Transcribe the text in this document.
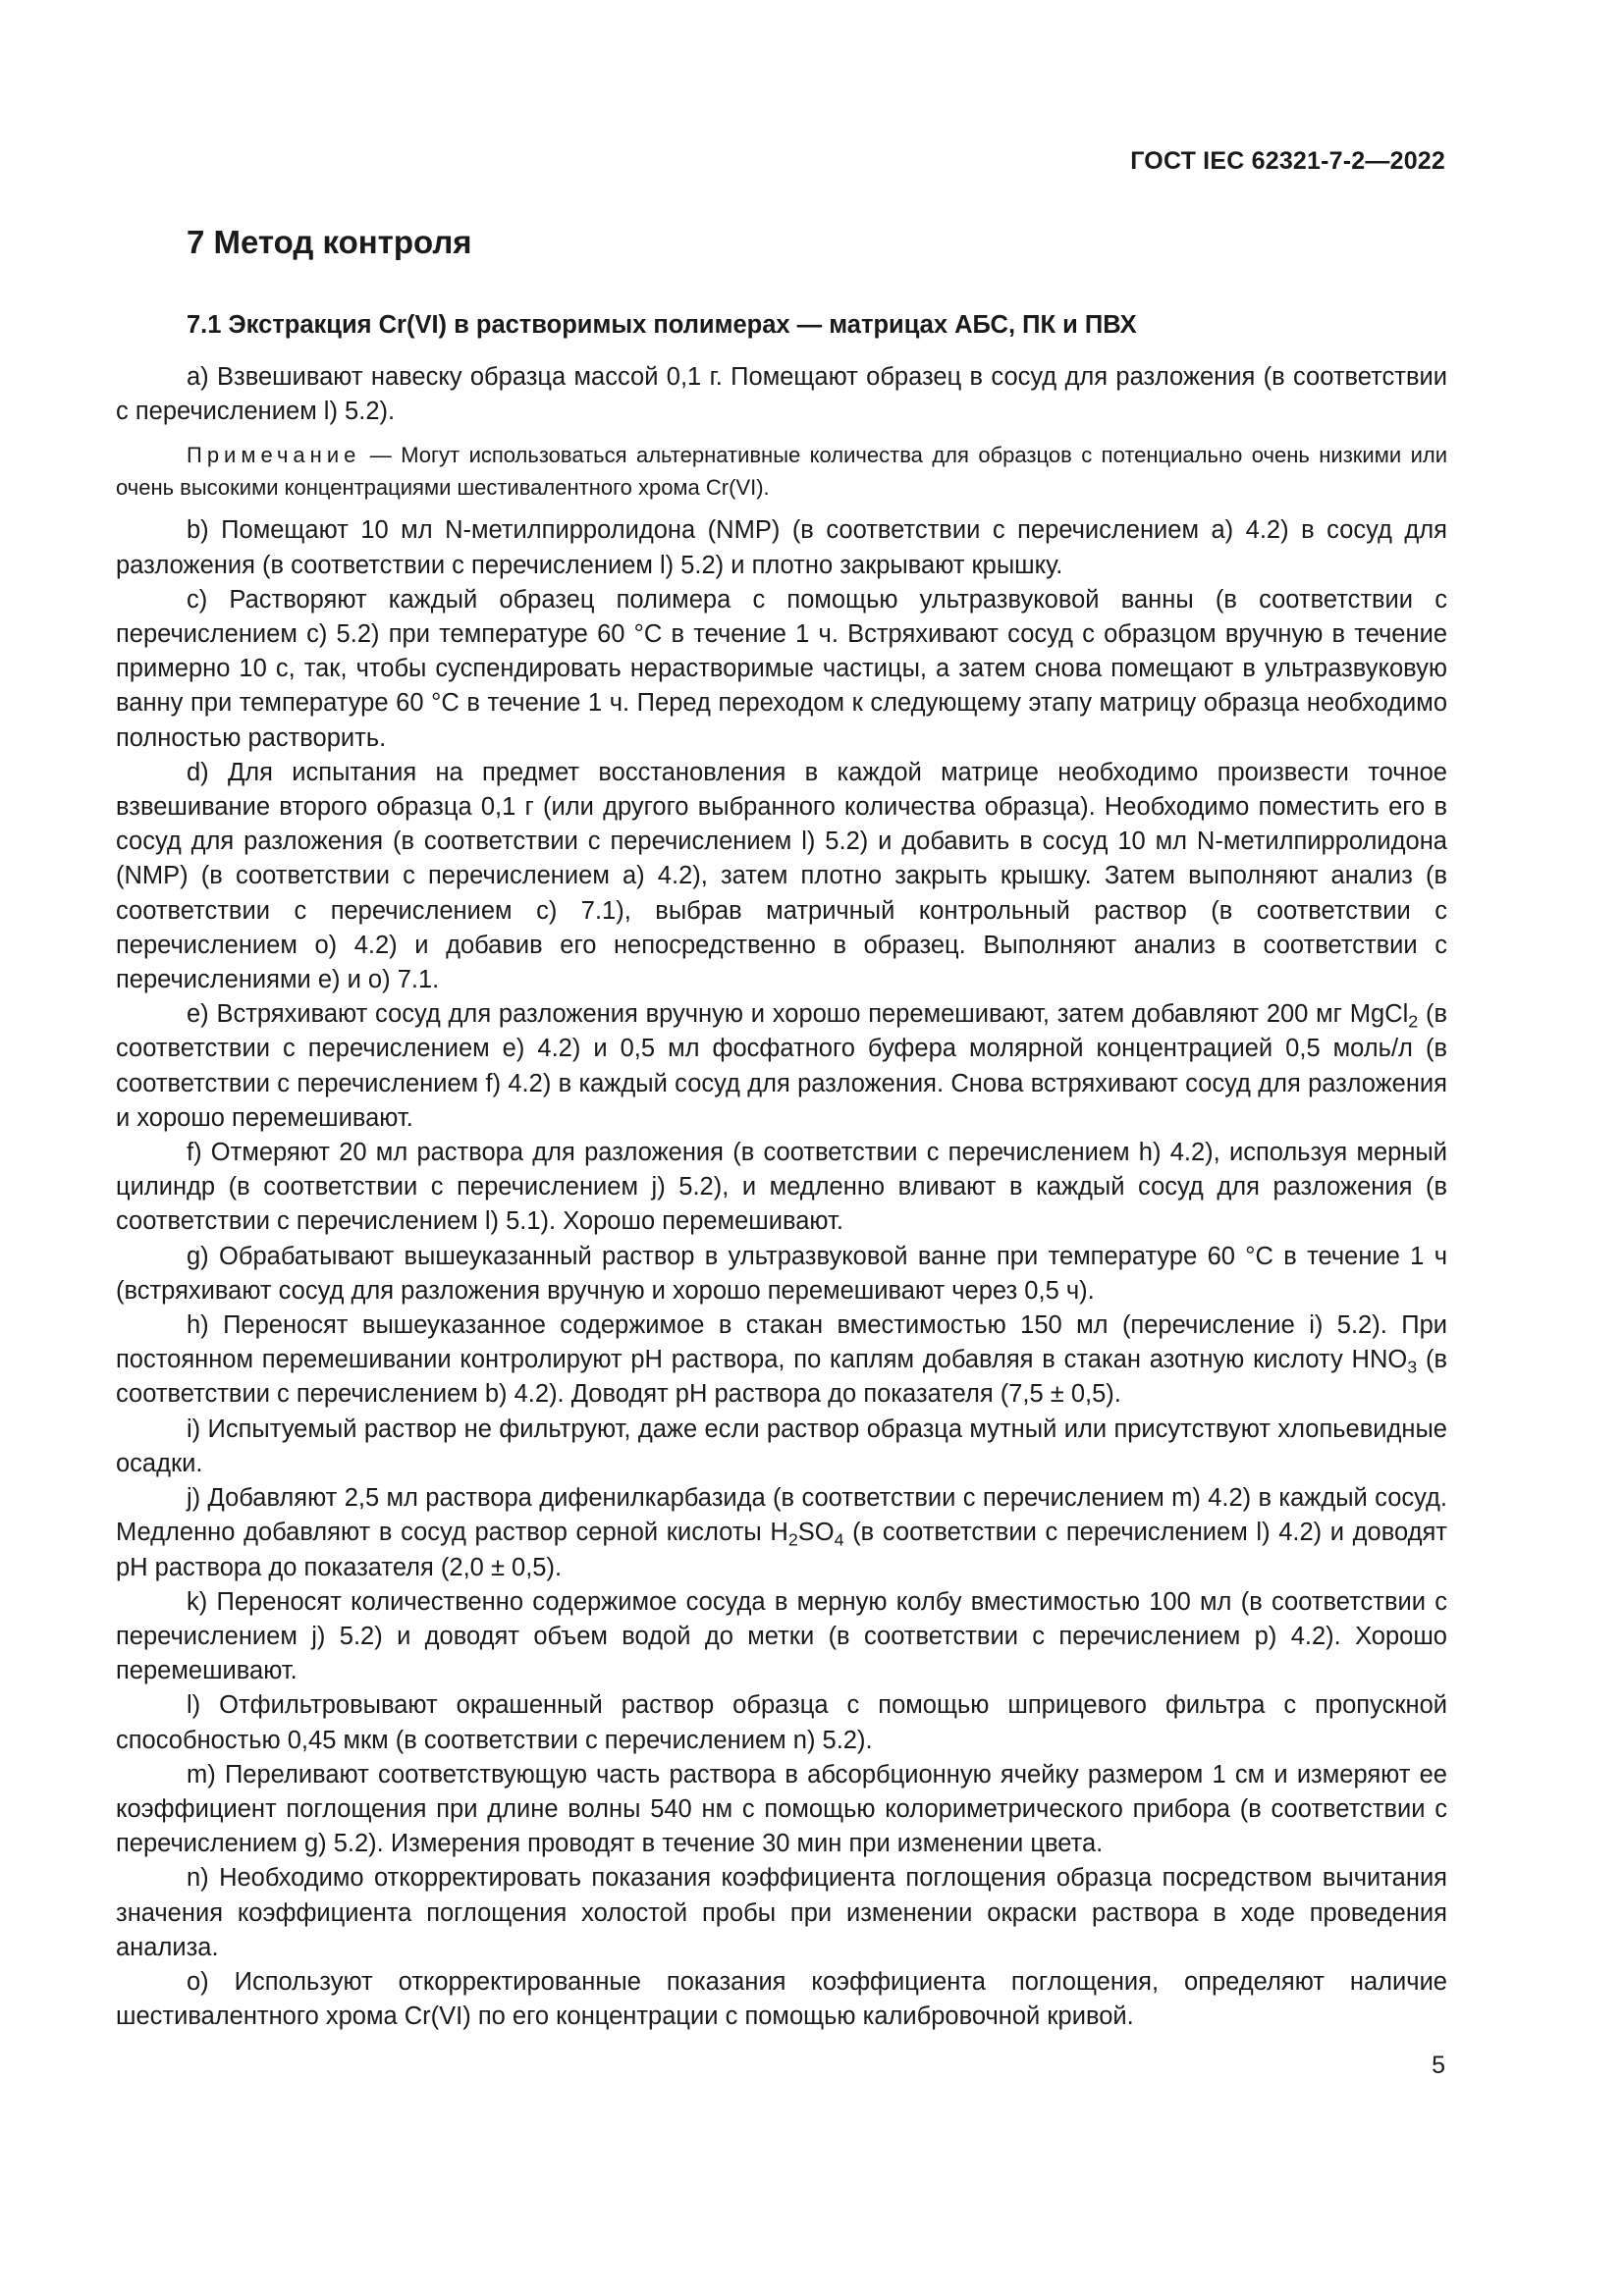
ГОСТ IEC 62321-7-2—2022
7 Метод контроля
7.1 Экстракция Cr(VI) в растворимых полимерах — матрицах АБС, ПК и ПВХ

а) Взвешивают навеску образца массой 0,1 г. Помещают образец в сосуд для разложения (в соответствии с перечислением l) 5.2).

Примечание — Могут использоваться альтернативные количества для образцов с потенциально очень низкими или очень высокими концентрациями шестивалентного хрома Cr(VI).

b) Помещают 10 мл N-метилпирролидона (NMP) (в соответствии с перечислением а) 4.2) в сосуд для разложения (в соответствии с перечислением l) 5.2) и плотно закрывают крышку.

c) Растворяют каждый образец полимера с помощью ультразвуковой ванны (в соответствии с перечислением с) 5.2) при температуре 60 °С в течение 1 ч. Встряхивают сосуд с образцом вручную в течение примерно 10 с, так, чтобы суспендировать нерастворимые частицы, а затем снова помещают в ультразвуковую ванну при температуре 60 °С в течение 1 ч. Перед переходом к следующему этапу матрицу образца необходимо полностью растворить.

d) Для испытания на предмет восстановления в каждой матрице необходимо произвести точное взвешивание второго образца 0,1 г (или другого выбранного количества образца). Необходимо поместить его в сосуд для разложения (в соответствии с перечислением l) 5.2) и добавить в сосуд 10 мл N-метилпирролидона (NMP) (в соответствии с перечислением а) 4.2), затем плотно закрыть крышку. Затем выполняют анализ (в соответствии с перечислением с) 7.1), выбрав матричный контрольный раствор (в соответствии с перечислением о) 4.2) и добавив его непосредственно в образец. Выполняют анализ в соответствии с перечислениями е) и о) 7.1.

е) Встряхивают сосуд для разложения вручную и хорошо перемешивают, затем добавляют 200 мг MgCl$_2$ (в соответствии с перечислением е) 4.2) и 0,5 мл фосфатного буфера молярной концентрацией 0,5 моль/л (в соответствии с перечислением f) 4.2) в каждый сосуд для разложения. Снова встряхивают сосуд для разложения и хорошо перемешивают.

f) Отмеряют 20 мл раствора для разложения (в соответствии с перечислением h) 4.2), используя мерный цилиндр (в соответствии с перечислением j) 5.2), и медленно вливают в каждый сосуд для разложения (в соответствии с перечислением l) 5.1). Хорошо перемешивают.

g) Обрабатывают вышеуказанный раствор в ультразвуковой ванне при температуре 60 °С в течение 1 ч (встряхивают сосуд для разложения вручную и хорошо перемешивают через 0,5 ч).

h) Переносят вышеуказанное содержимое в стакан вместимостью 150 мл (перечисление i) 5.2). При постоянном перемешивании контролируют pH раствора, по каплям добавляя в стакан азотную кислоту $HNO_3$ (в соответствии с перечислением b) 4.2). Доводят pH раствора до показателя (7,5 ± 0,5).

i) Испытуемый раствор не фильтруют, даже если раствор образца мутный или присутствуют хлопьевидные осадки.

j) Добавляют 2,5 мл раствора дифенилкарбазида (в соответствии с перечислением m) 4.2) в каждый сосуд. Медленно добавляют в сосуд раствор серной кислоты $H_2SO_4$ (в соответствии с перечислением l) 4.2) и доводят pH раствора до показателя (2,0 ± 0,5).

k) Переносят количественно содержимое сосуда в мерную колбу вместимостью 100 мл (в соответствии с перечислением j) 5.2) и доводят объем водой до метки (в соответствии с перечислением р) 4.2). Хорошо перемешивают.

l) Отфильтровывают окрашенный раствор образца с помощью шприцевого фильтра с пропускной способностью 0,45 мкм (в соответствии с перечислением n) 5.2).

m) Переливают соответствующую часть раствора в абсорбционную ячейку размером 1 см и измеряют ее коэффициент поглощения при длине волны 540 нм с помощью колориметрического прибора (в соответствии с перечислением g) 5.2). Измерения проводят в течение 30 мин при изменении цвета.

n) Необходимо откорректировать показания коэффициента поглощения образца посредством вычитания значения коэффициента поглощения холостой пробы при изменении окраски раствора в ходе проведения анализа.

о) Используют откорректированные показания коэффициента поглощения, определяют наличие шестивалентного хрома Cr(VI) по его концентрации с помощью калибровочной кривой.

5
